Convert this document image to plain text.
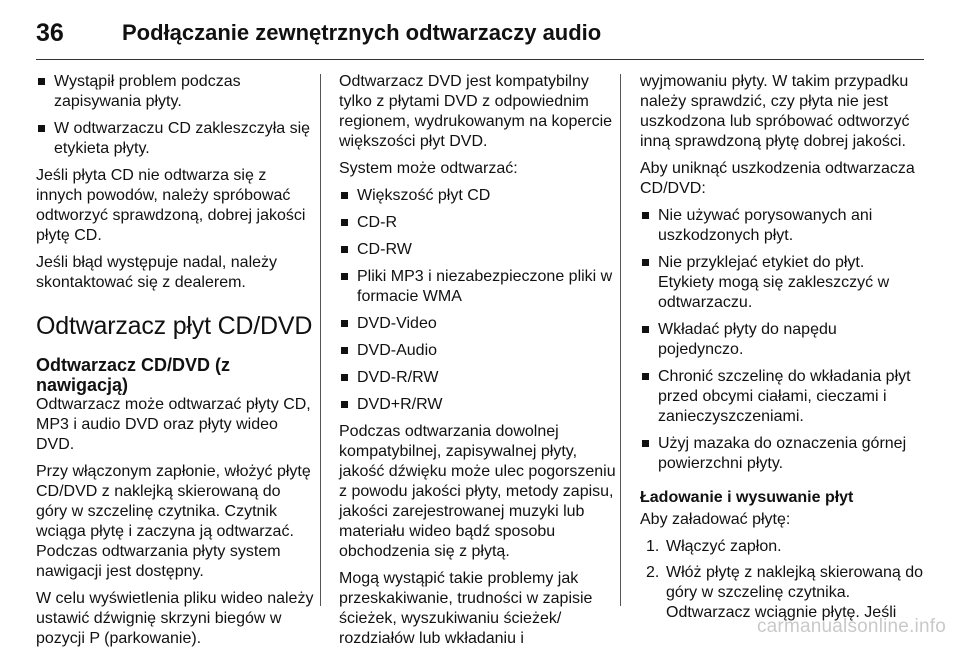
36	Podłączanie zewnętrznych odtwarzaczy audio
Wystąpił problem podczas zapisywania płyty.
W odtwarzaczu CD zakleszczyła się etykieta płyty.

Jeśli płyta CD nie odtwarza się z innych powodów, należy spróbować odtworzyć sprawdzoną, dobrej jakości płytę CD.

Jeśli błąd występuje nadal, należy skontaktować się z dealerem.

Odtwarzacz płyt CD/DVD
Odtwarzacz CD/DVD (z nawigacją)

Odtwarzacz może odtwarzać płyty CD, MP3 i audio DVD oraz płyty wideo DVD.

Przy włączonym zapłonie, włożyć płytę CD/DVD z naklejką skierowaną do góry w szczelinę czytnika. Czytnik wciąga płytę i zaczyna ją odtwarzać. Podczas odtwarzania płyty system nawigacji jest dostępny.

W celu wyświetlenia pliku wideo należy ustawić dźwignię skrzyni biegów w pozycji P (parkowanie).

Odtwarzacz DVD jest kompatybilny tylko z płytami DVD z odpowiednim regionem, wydrukowanym na kopercie większości płyt DVD.

System może odtwarzać:

Większość płyt CD
CD-R
CD-RW
Pliki MP3 i niezabezpieczone pliki w formacie WMA
DVD-Video
DVD-Audio
DVD-R/RW
DVD+R/RW

Podczas odtwarzania dowolnej kompatybilnej, zapisywalnej płyty, jakość dźwięku może ulec pogorszeniu z powodu jakości płyty, metody zapisu, jakości zarejestrowanej muzyki lub materiału wideo bądź sposobu obchodzenia się z płytą.

Mogą wystąpić takie problemy jak przeskakiwanie, trudności w zapisie ścieżek, wyszukiwaniu ścieżek/ rozdziałów lub wkładaniu i

wyjmowaniu płyty. W takim przypadku należy sprawdzić, czy płyta nie jest uszkodzona lub spróbować odtworzyć inną sprawdzoną płytę dobrej jakości.

Aby uniknąć uszkodzenia odtwarzacza CD/DVD:

Nie używać porysowanych ani uszkodzonych płyt.
Nie przyklejać etykiet do płyt. Etykiety mogą się zakleszczyć w odtwarzaczu.
Wkładać płyty do napędu pojedynczo.
Chronić szczelinę do wkładania płyt przed obcymi ciałami, cieczami i zanieczyszczeniami.
Użyj mazaka do oznaczenia górnej powierzchni płyty.
Ładowanie i wysuwanie płyt

Aby załadować płytę:

1. Włączyć zapłon.
2. Włóż płytę z naklejką skierowaną do góry w szczelinę czytnika. Odtwarzacz wciągnie płytę. Jeśli
carmanualsonline.info
